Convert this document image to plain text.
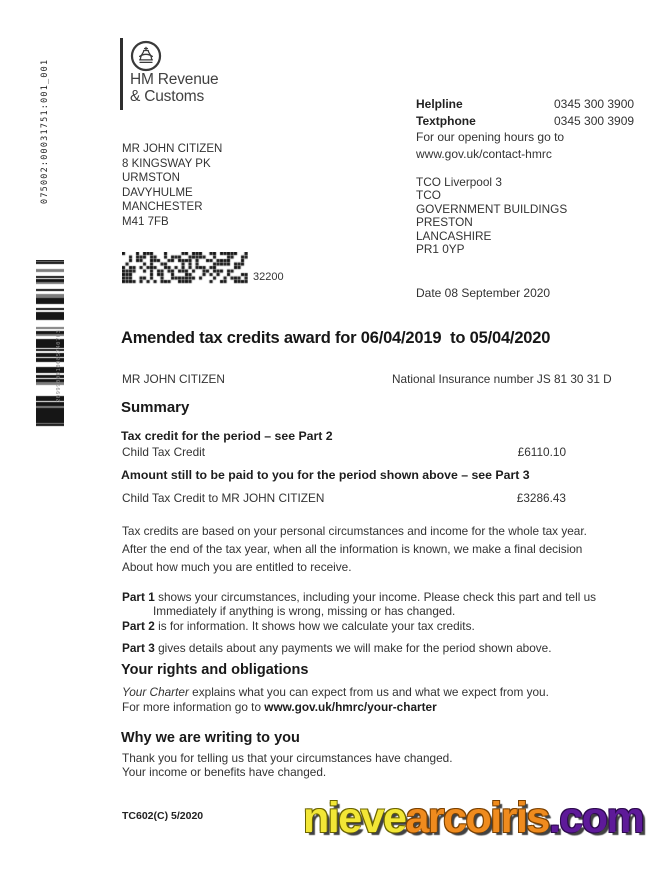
075002:00031751:001_001
2099900010085740703
HM Revenue
& Customs
MR JOHN CITIZEN
8 KINGSWAY PK
URMSTON
DAVYHULME
MANCHESTER
M41 7FB
Helpline	0345 300 3900
Textphone	0345 300 3909
For our opening hours go to
www.gov.uk/contact-hmrc
TCO Liverpool 3
TCO
GOVERNMENT BUILDINGS
PRESTON
LANCASHIRE
PR1 0YP
32200
Date 08 September 2020
Amended tax credits award for 06/04/2019  to 05/04/2020
MR JOHN CITIZEN	National Insurance number JS 81 30 31 D
Summary
Tax credit for the period – see Part 2
Child Tax Credit	£6110.10
Amount still to be paid to you for the period shown above – see Part 3
Child Tax Credit to MR JOHN CITIZEN	£3286.43
Tax credits are based on your personal circumstances and income for the whole tax year.
After the end of the tax year, when all the information is known, we make a final decision
About how much you are entitled to receive.
Part 1 shows your circumstances, including your income. Please check this part and tell us
Immediately if anything is wrong, missing or has changed.
Part 2 is for information. It shows how we calculate your tax credits.
Part 3 gives details about any payments we will make for the period shown above.
Your rights and obligations
Your Charter explains what you can expect from us and what we expect from you.
For more information go to www.gov.uk/hmrc/your-charter
Why we are writing to you
Thank you for telling us that your circumstances have changed.
Your income or benefits have changed.
TC602(C) 5/2020 nievearcoiris.com
